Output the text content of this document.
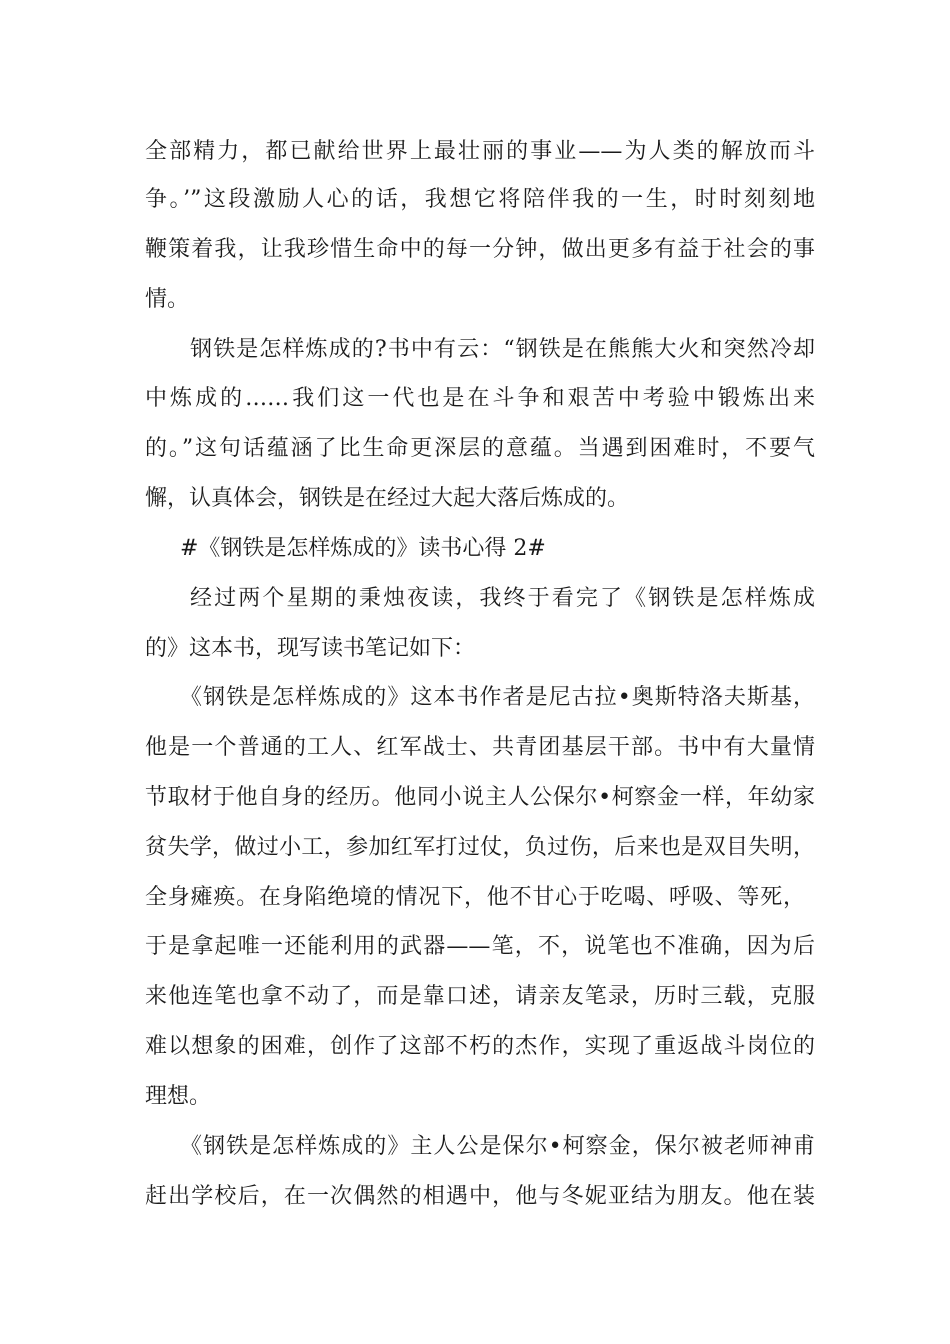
全部精力，都已献给世界上最壮丽的事业——为人类的解放而斗
争。’”这段激励人心的话，我想它将陪伴我的一生，时时刻刻地
鞭策着我，让我珍惜生命中的每一分钟，做出更多有益于社会的事
情。
钢铁是怎样炼成的?书中有云：“钢铁是在熊熊大火和突然冷却
中炼成的……我们这一代也是在斗争和艰苦中考验中锻炼出来
的。”这句话蕴涵了比生命更深层的意蕴。当遇到困难时，不要气
懈，认真体会，钢铁是在经过大起大落后炼成的。
#《钢铁是怎样炼成的》读书心得 2#
经过两个星期的秉烛夜读，我终于看完了《钢铁是怎样炼成
的》这本书，现写读书笔记如下：
《钢铁是怎样炼成的》这本书作者是尼古拉•奥斯特洛夫斯基，
他是一个普通的工人、红军战士、共青团基层干部。书中有大量情
节取材于他自身的经历。他同小说主人公保尔•柯察金一样，年幼家
贫失学，做过小工，参加红军打过仗，负过伤，后来也是双目失明，
全身瘫痪。在身陷绝境的情况下，他不甘心于吃喝、呼吸、等死，
于是拿起唯一还能利用的武器——笔，不，说笔也不准确，因为后
来他连笔也拿不动了，而是靠口述，请亲友笔录，历时三载，克服
难以想象的困难，创作了这部不朽的杰作，实现了重返战斗岗位的
理想。
《钢铁是怎样炼成的》主人公是保尔•柯察金，保尔被老师神甫
赶出学校后，在一次偶然的相遇中，他与冬妮亚结为朋友。他在装
